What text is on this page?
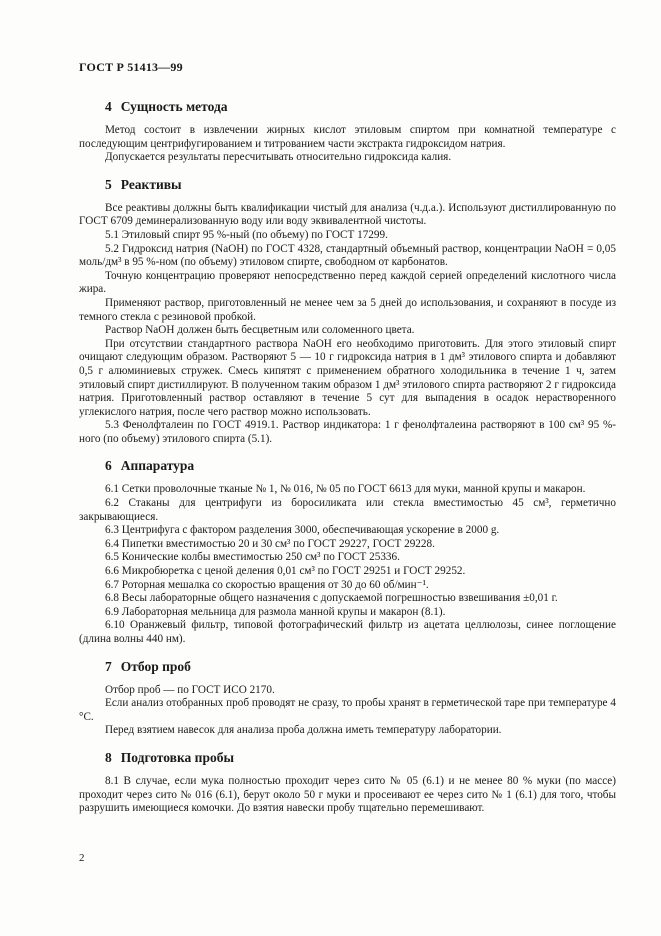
ГОСТ Р 51413—99
4 Сущность метода

Метод состоит в извлечении жирных кислот этиловым спиртом при комнатной температуре с последующим центрифугированием и титрованием части экстракта гидроксидом натрия.

Допускается результаты пересчитывать относительно гидроксида калия.

5 Реактивы

Все реактивы должны быть квалификации чистый для анализа (ч.д.а.). Используют дистиллированную по ГОСТ 6709 деминерализованную воду или воду эквивалентной чистоты.

5.1 Этиловый спирт 95 %-ный (по объему) по ГОСТ 17299.

5.2 Гидроксид натрия (NaOH) по ГОСТ 4328, стандартный объемный раствор, концентрации NaOH = 0,05 моль/дм³ в 95 %-ном (по объему) этиловом спирте, свободном от карбонатов.

Точную концентрацию проверяют непосредственно перед каждой серией определений кислотного числа жира.

Применяют раствор, приготовленный не менее чем за 5 дней до использования, и сохраняют в посуде из темного стекла с резиновой пробкой.

Раствор NaOH должен быть бесцветным или соломенного цвета.

При отсутствии стандартного раствора NaOH его необходимо приготовить. Для этого этиловый спирт очищают следующим образом. Растворяют 5 — 10 г гидроксида натрия в 1 дм³ этилового спирта и добавляют 0,5 г алюминиевых стружек. Смесь кипятят с применением обратного холодильника в течение 1 ч, затем этиловый спирт дистиллируют. В полученном таким образом 1 дм³ этилового спирта растворяют 2 г гидроксида натрия. Приготовленный раствор оставляют в течение 5 сут для выпадения в осадок нерастворенного углекислого натрия, после чего раствор можно использовать.

5.3 Фенолфталеин по ГОСТ 4919.1. Раствор индикатора: 1 г фенолфталеина растворяют в 100 см³ 95 %-ного (по объему) этилового спирта (5.1).

6 Аппаратура

6.1 Сетки проволочные тканые № 1, № 016, № 05 по ГОСТ 6613 для муки, манной крупы и макарон.

6.2 Стаканы для центрифуги из боросиликата или стекла вместимостью 45 см³, герметично закрывающиеся.

6.3 Центрифуга с фактором разделения 3000, обеспечивающая ускорение в 2000 g.

6.4 Пипетки вместимостью 20 и 30 см³ по ГОСТ 29227, ГОСТ 29228.

6.5 Конические колбы вместимостью 250 см³ по ГОСТ 25336.

6.6 Микробюретка с ценой деления 0,01 см³ по ГОСТ 29251 и ГОСТ 29252.

6.7 Роторная мешалка со скоростью вращения от 30 до 60 об/мин⁻¹.

6.8 Весы лабораторные общего назначения с допускаемой погрешностью взвешивания ±0,01 г.

6.9 Лабораторная мельница для размола манной крупы и макарон (8.1).

6.10 Оранжевый фильтр, типовой фотографический фильтр из ацетата целлюлозы, синее поглощение (длина волны 440 нм).

7 Отбор проб

Отбор проб — по ГОСТ ИСО 2170.

Если анализ отобранных проб проводят не сразу, то пробы хранят в герметической таре при температуре 4 °С.

Перед взятием навесок для анализа проба должна иметь температуру лаборатории.

8 Подготовка пробы

8.1 В случае, если мука полностью проходит через сито № 05 (6.1) и не менее 80 % муки (по массе) проходит через сито № 016 (6.1), берут около 50 г муки и просеивают ее через сито № 1 (6.1) для того, чтобы разрушить имеющиеся комочки. До взятия навески пробу тщательно перемешивают.

2
